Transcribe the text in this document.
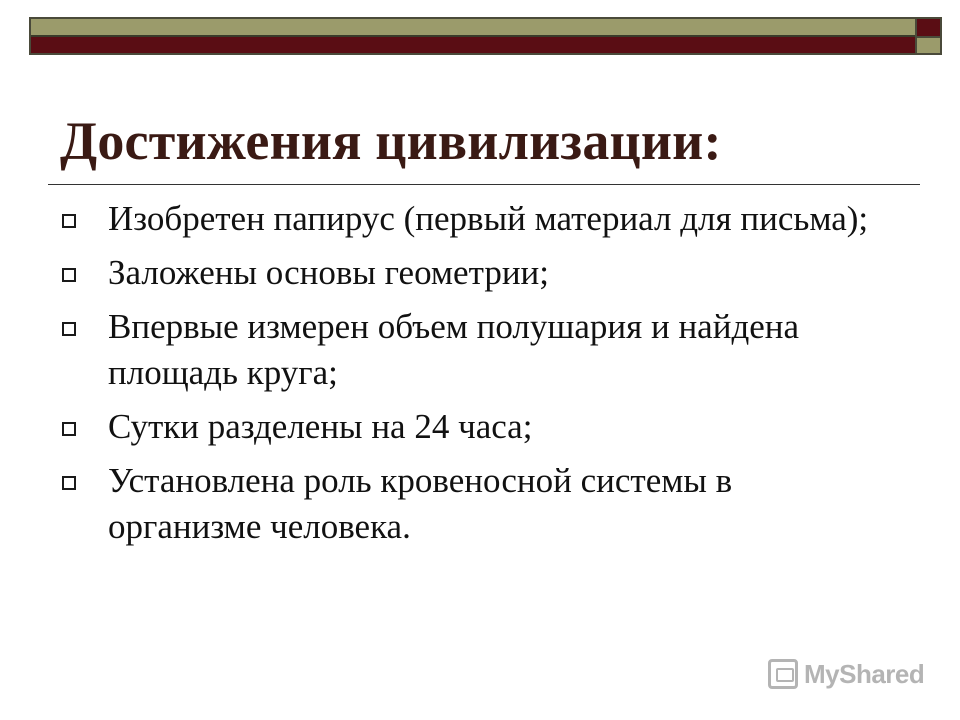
Достижения цивилизации:
Изобретен папирус (первый материал для письма);
Заложены основы геометрии;
Впервые измерен объем полушария и найдена площадь круга;
Сутки разделены на 24 часа;
Установлена роль кровеносной системы в организме человека.
MyShared
